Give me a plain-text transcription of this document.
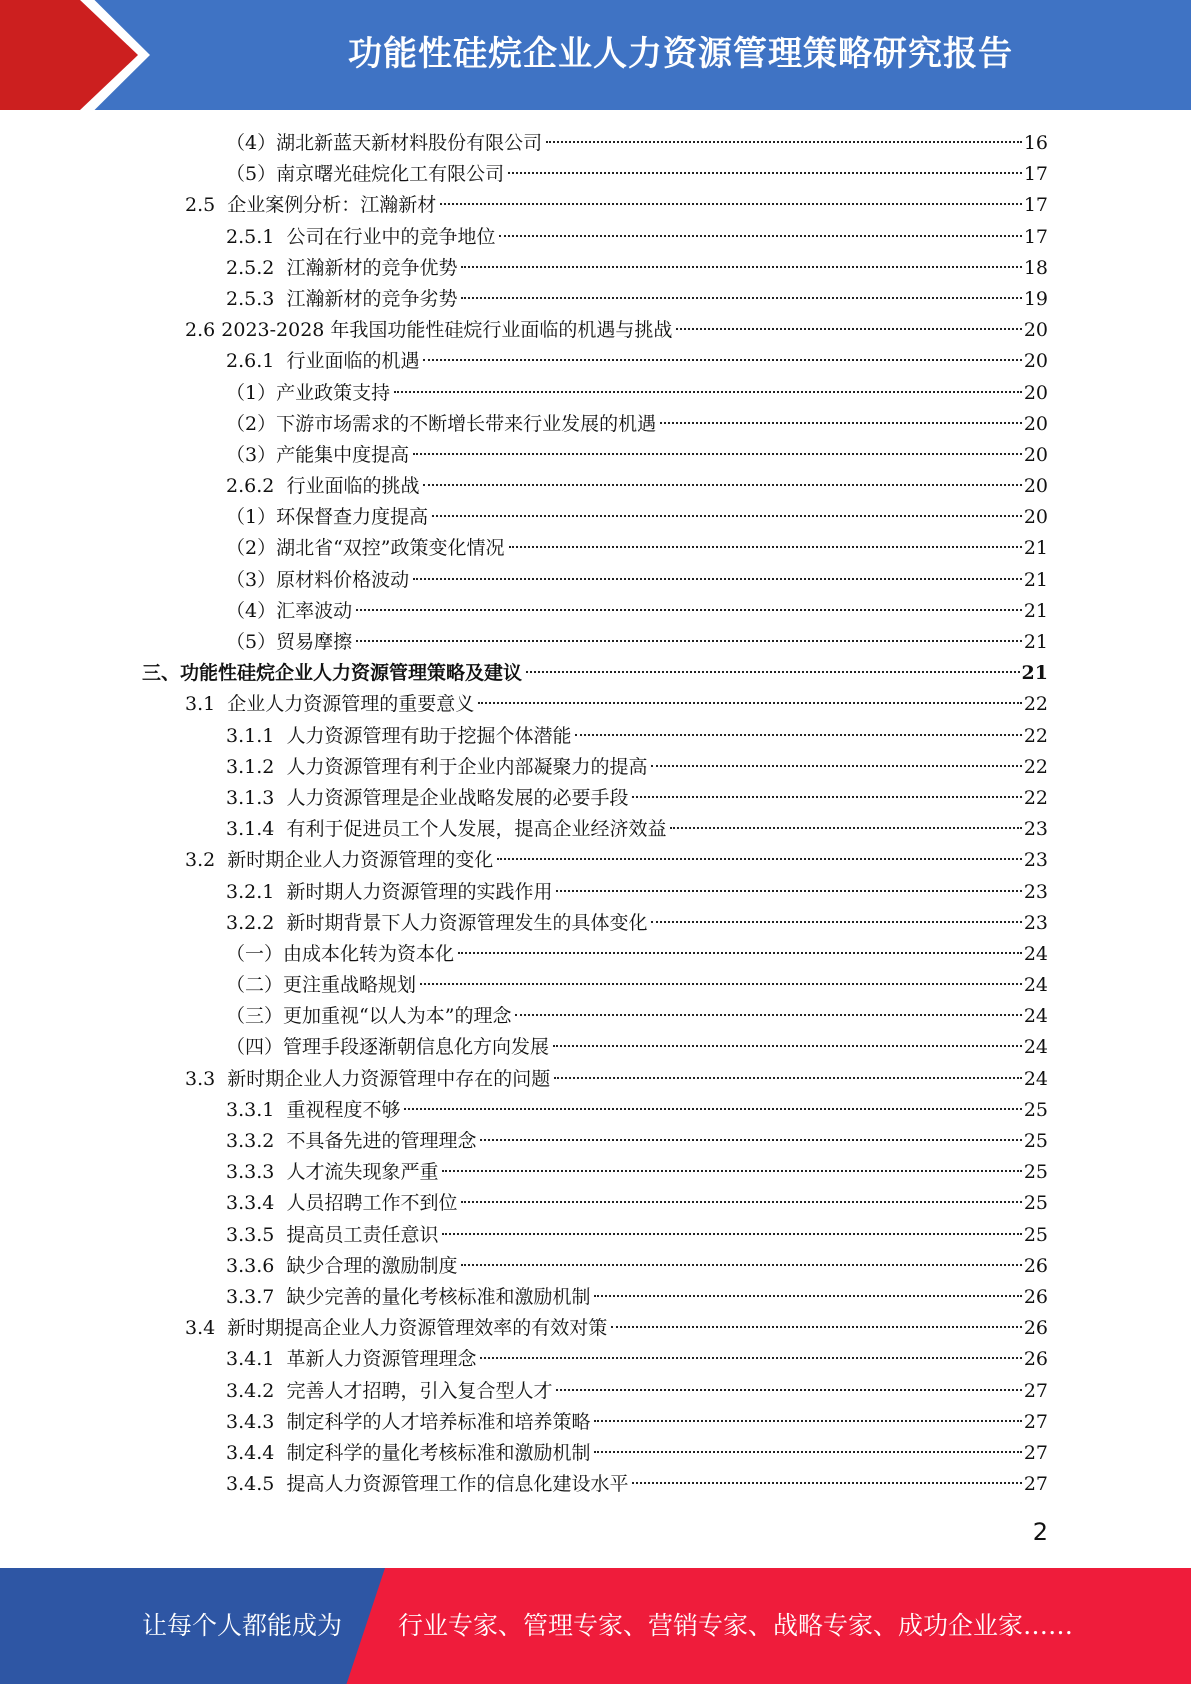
功能性硅烷企业人力资源管理策略研究报告
（4） 湖北新蓝天新材料股份有限公司	16
（5） 南京曙光硅烷化工有限公司	17
2.5 企业案例分析：江瀚新材	17
2.5.1 公司在行业中的竞争地位	17
2.5.2 江瀚新材的竞争优势	18
2.5.3 江瀚新材的竞争劣势	19
2.6 2023-2028 年我国功能性硅烷行业面临的机遇与挑战	20
2.6.1 行业面临的机遇	20
（1） 产业政策支持	20
（2） 下游市场需求的不断增长带来行业发展的机遇	20
（3） 产能集中度提高	20
2.6.2 行业面临的挑战	20
（1） 环保督查力度提高	20
（2） 湖北省“双控”政策变化情况	21
（3） 原材料价格波动	21
（4） 汇率波动	21
（5） 贸易摩擦	21
三、 功能性硅烷企业人力资源管理策略及建议	21
3.1 企业人力资源管理的重要意义	22
3.1.1 人力资源管理有助于挖掘个体潜能	22
3.1.2 人力资源管理有利于企业内部凝聚力的提高	22
3.1.3 人力资源管理是企业战略发展的必要手段	22
3.1.4 有利于促进员工个人发展，提高企业经济效益	23
3.2 新时期企业人力资源管理的变化	23
3.2.1 新时期人力资源管理的实践作用	23
3.2.2 新时期背景下人力资源管理发生的具体变化	23
（一） 由成本化转为资本化	24
（二） 更注重战略规划	24
（三） 更加重视“以人为本”的理念	24
（四） 管理手段逐渐朝信息化方向发展	24
3.3 新时期企业人力资源管理中存在的问题	24
3.3.1 重视程度不够	25
3.3.2 不具备先进的管理理念	25
3.3.3 人才流失现象严重	25
3.3.4 人员招聘工作不到位	25
3.3.5 提高员工责任意识	25
3.3.6 缺少合理的激励制度	26
3.3.7 缺少完善的量化考核标准和激励机制	26
3.4 新时期提高企业人力资源管理效率的有效对策	26
3.4.1 革新人力资源管理理念	26
3.4.2 完善人才招聘，引入复合型人才	27
3.4.3 制定科学的人才培养标准和培养策略	27
3.4.4 制定科学的量化考核标准和激励机制	27
3.4.5 提高人力资源管理工作的信息化建设水平	27
2
让每个人都能成为 行业专家、管理专家、营销专家、战略专家、成功企业家……
